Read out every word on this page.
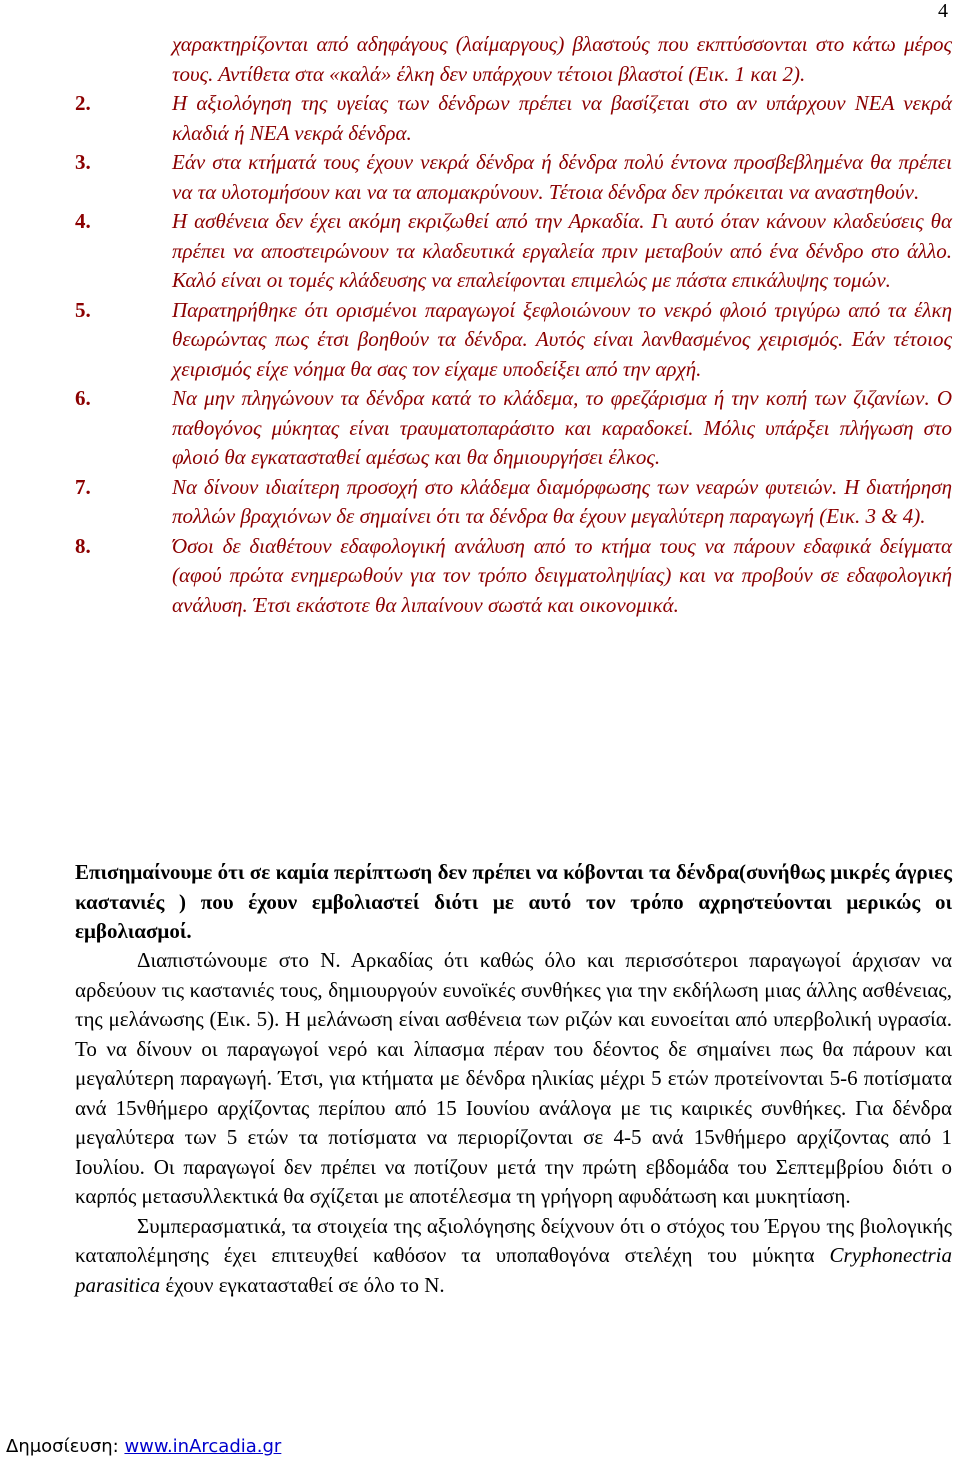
4
χαρακτηρίζονται από αδηφάγους (λαίμαργους) βλαστούς που εκπτύσσονται στο κάτω μέρος τους. Αντίθετα στα «καλά» έλκη δεν υπάρχουν τέτοιοι βλαστοί (Εικ. 1 και 2).
2.	Η αξιολόγηση της υγείας των δένδρων πρέπει να βασίζεται στο αν υπάρχουν ΝΕΑ νεκρά κλαδιά ή ΝΕΑ νεκρά δένδρα.
3.	Εάν στα κτήματά τους έχουν νεκρά δένδρα ή δένδρα πολύ έντονα προσβεβλημένα θα πρέπει να τα υλοτομήσουν και να τα απομακρύνουν. Τέτοια δένδρα δεν πρόκειται να αναστηθούν.
4.	Η ασθένεια δεν έχει ακόμη εκριζωθεί από την Αρκαδία. Γι αυτό όταν κάνουν κλαδεύσεις θα πρέπει να αποστειρώνουν τα κλαδευτικά εργαλεία πριν μεταβούν από ένα δένδρο στο άλλο. Καλό είναι οι τομές κλάδευσης να επαλείφονται επιμελώς με πάστα επικάλυψης τομών.
5.	Παρατηρήθηκε ότι ορισμένοι παραγωγοί ξεφλοιώνουν το νεκρό φλοιό τριγύρω από τα έλκη θεωρώντας πως έτσι βοηθούν τα δένδρα. Αυτός είναι λανθασμένος χειρισμός. Εάν τέτοιος χειρισμός είχε νόημα θα σας τον είχαμε υποδείξει από την αρχή.
6.	Να μην πληγώνουν τα δένδρα κατά το κλάδεμα, το φρεζάρισμα ή την κοπή των ζιζανίων. Ο παθογόνος μύκητας είναι τραυματοπαράσιτο και καραδοκεί. Μόλις υπάρξει πλήγωση στο φλοιό θα εγκατασταθεί αμέσως και θα δημιουργήσει έλκος.
7.	Να δίνουν ιδιαίτερη προσοχή στο κλάδεμα διαμόρφωσης των νεαρών φυτειών. Η διατήρηση πολλών βραχιόνων δε σημαίνει ότι τα δένδρα θα έχουν μεγαλύτερη παραγωγή (Εικ. 3 & 4).
8.	Όσοι δε διαθέτουν εδαφολογική ανάλυση από το κτήμα τους να πάρουν εδαφικά δείγματα (αφού πρώτα ενημερωθούν για τον τρόπο δειγματοληψίας) και να προβούν σε εδαφολογική ανάλυση. Έτσι εκάστοτε θα λιπαίνουν σωστά και οικονομικά.

Επισημαίνουμε ότι σε καμία περίπτωση δεν πρέπει να κόβονται τα δένδρα(συνήθως μικρές άγριες καστανιές ) που έχουν εμβολιαστεί διότι με αυτό τον τρόπο αχρηστεύονται μερικώς οι εμβολιασμοί.

Διαπιστώνουμε στο Ν. Αρκαδίας ότι καθώς όλο και περισσότεροι παραγωγοί άρχισαν να αρδεύουν τις καστανιές τους, δημιουργούν ευνοϊκές συνθήκες για την εκδήλωση μιας άλλης ασθένειας, της μελάνωσης (Εικ. 5). Η μελάνωση είναι ασθένεια των ριζών και ευνοείται από υπερβολική υγρασία. Το να δίνουν οι παραγωγοί νερό και λίπασμα πέραν του δέοντος δε σημαίνει πως θα πάρουν και μεγαλύτερη παραγωγή. Έτσι, για κτήματα με δένδρα ηλικίας μέχρι 5 ετών προτείνονται 5-6 ποτίσματα ανά 15νθήμερο αρχίζοντας περίπου από 15 Ιουνίου ανάλογα με τις καιρικές συνθήκες. Για δένδρα μεγαλύτερα των 5 ετών τα ποτίσματα να περιορίζονται σε 4-5 ανά 15νθήμερο αρχίζοντας από 1 Ιουλίου. Οι παραγωγοί δεν πρέπει να ποτίζουν μετά την πρώτη εβδομάδα του Σεπτεμβρίου διότι ο καρπός μετασυλλεκτικά θα σχίζεται με αποτέλεσμα τη γρήγορη αφυδάτωση και μυκητίαση.

Συμπερασματικά, τα στοιχεία της αξιολόγησης δείχνουν ότι ο στόχος του Έργου της βιολογικής καταπολέμησης έχει επιτευχθεί καθόσον τα υποπαθογόνα στελέχη του μύκητα Cryphonectria parasitica έχουν εγκατασταθεί σε όλο το Ν.

Δημοσίευση: www.inArcadia.gr
